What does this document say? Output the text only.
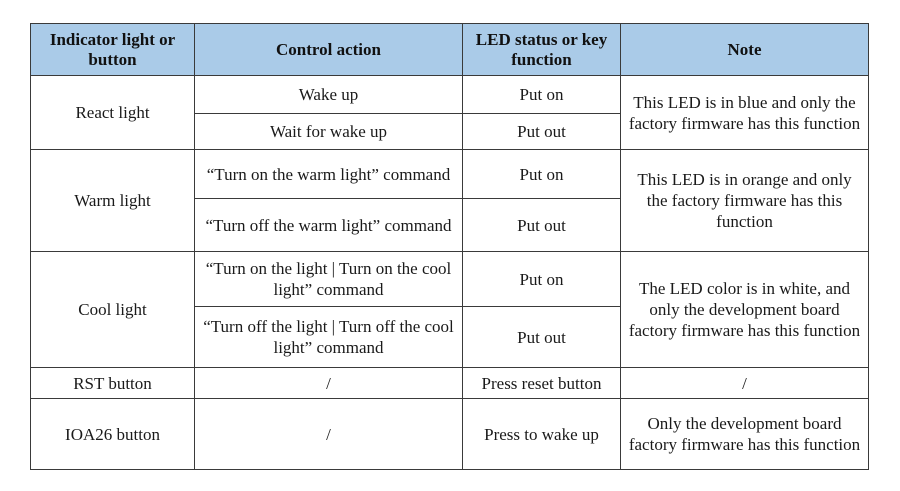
Indicator light or button	Control action	LED status or key function	Note
React light	Wake up	Put on	This LED is in blue and only the factory firmware has this function
	Wait for wake up	Put out	
Warm light	“Turn on the warm light” command	Put on	This LED is in orange and only the factory firmware has this function
	“Turn off the warm light” command	Put out	
Cool light	“Turn on the light | Turn on the cool light” command	Put on	The LED color is in white, and only the development board factory firmware has this function
	“Turn off the light | Turn off the cool light” command	Put out	
RST button	/	Press reset button	/
IOA26 button	/	Press to wake up	Only the development board factory firmware has this function
